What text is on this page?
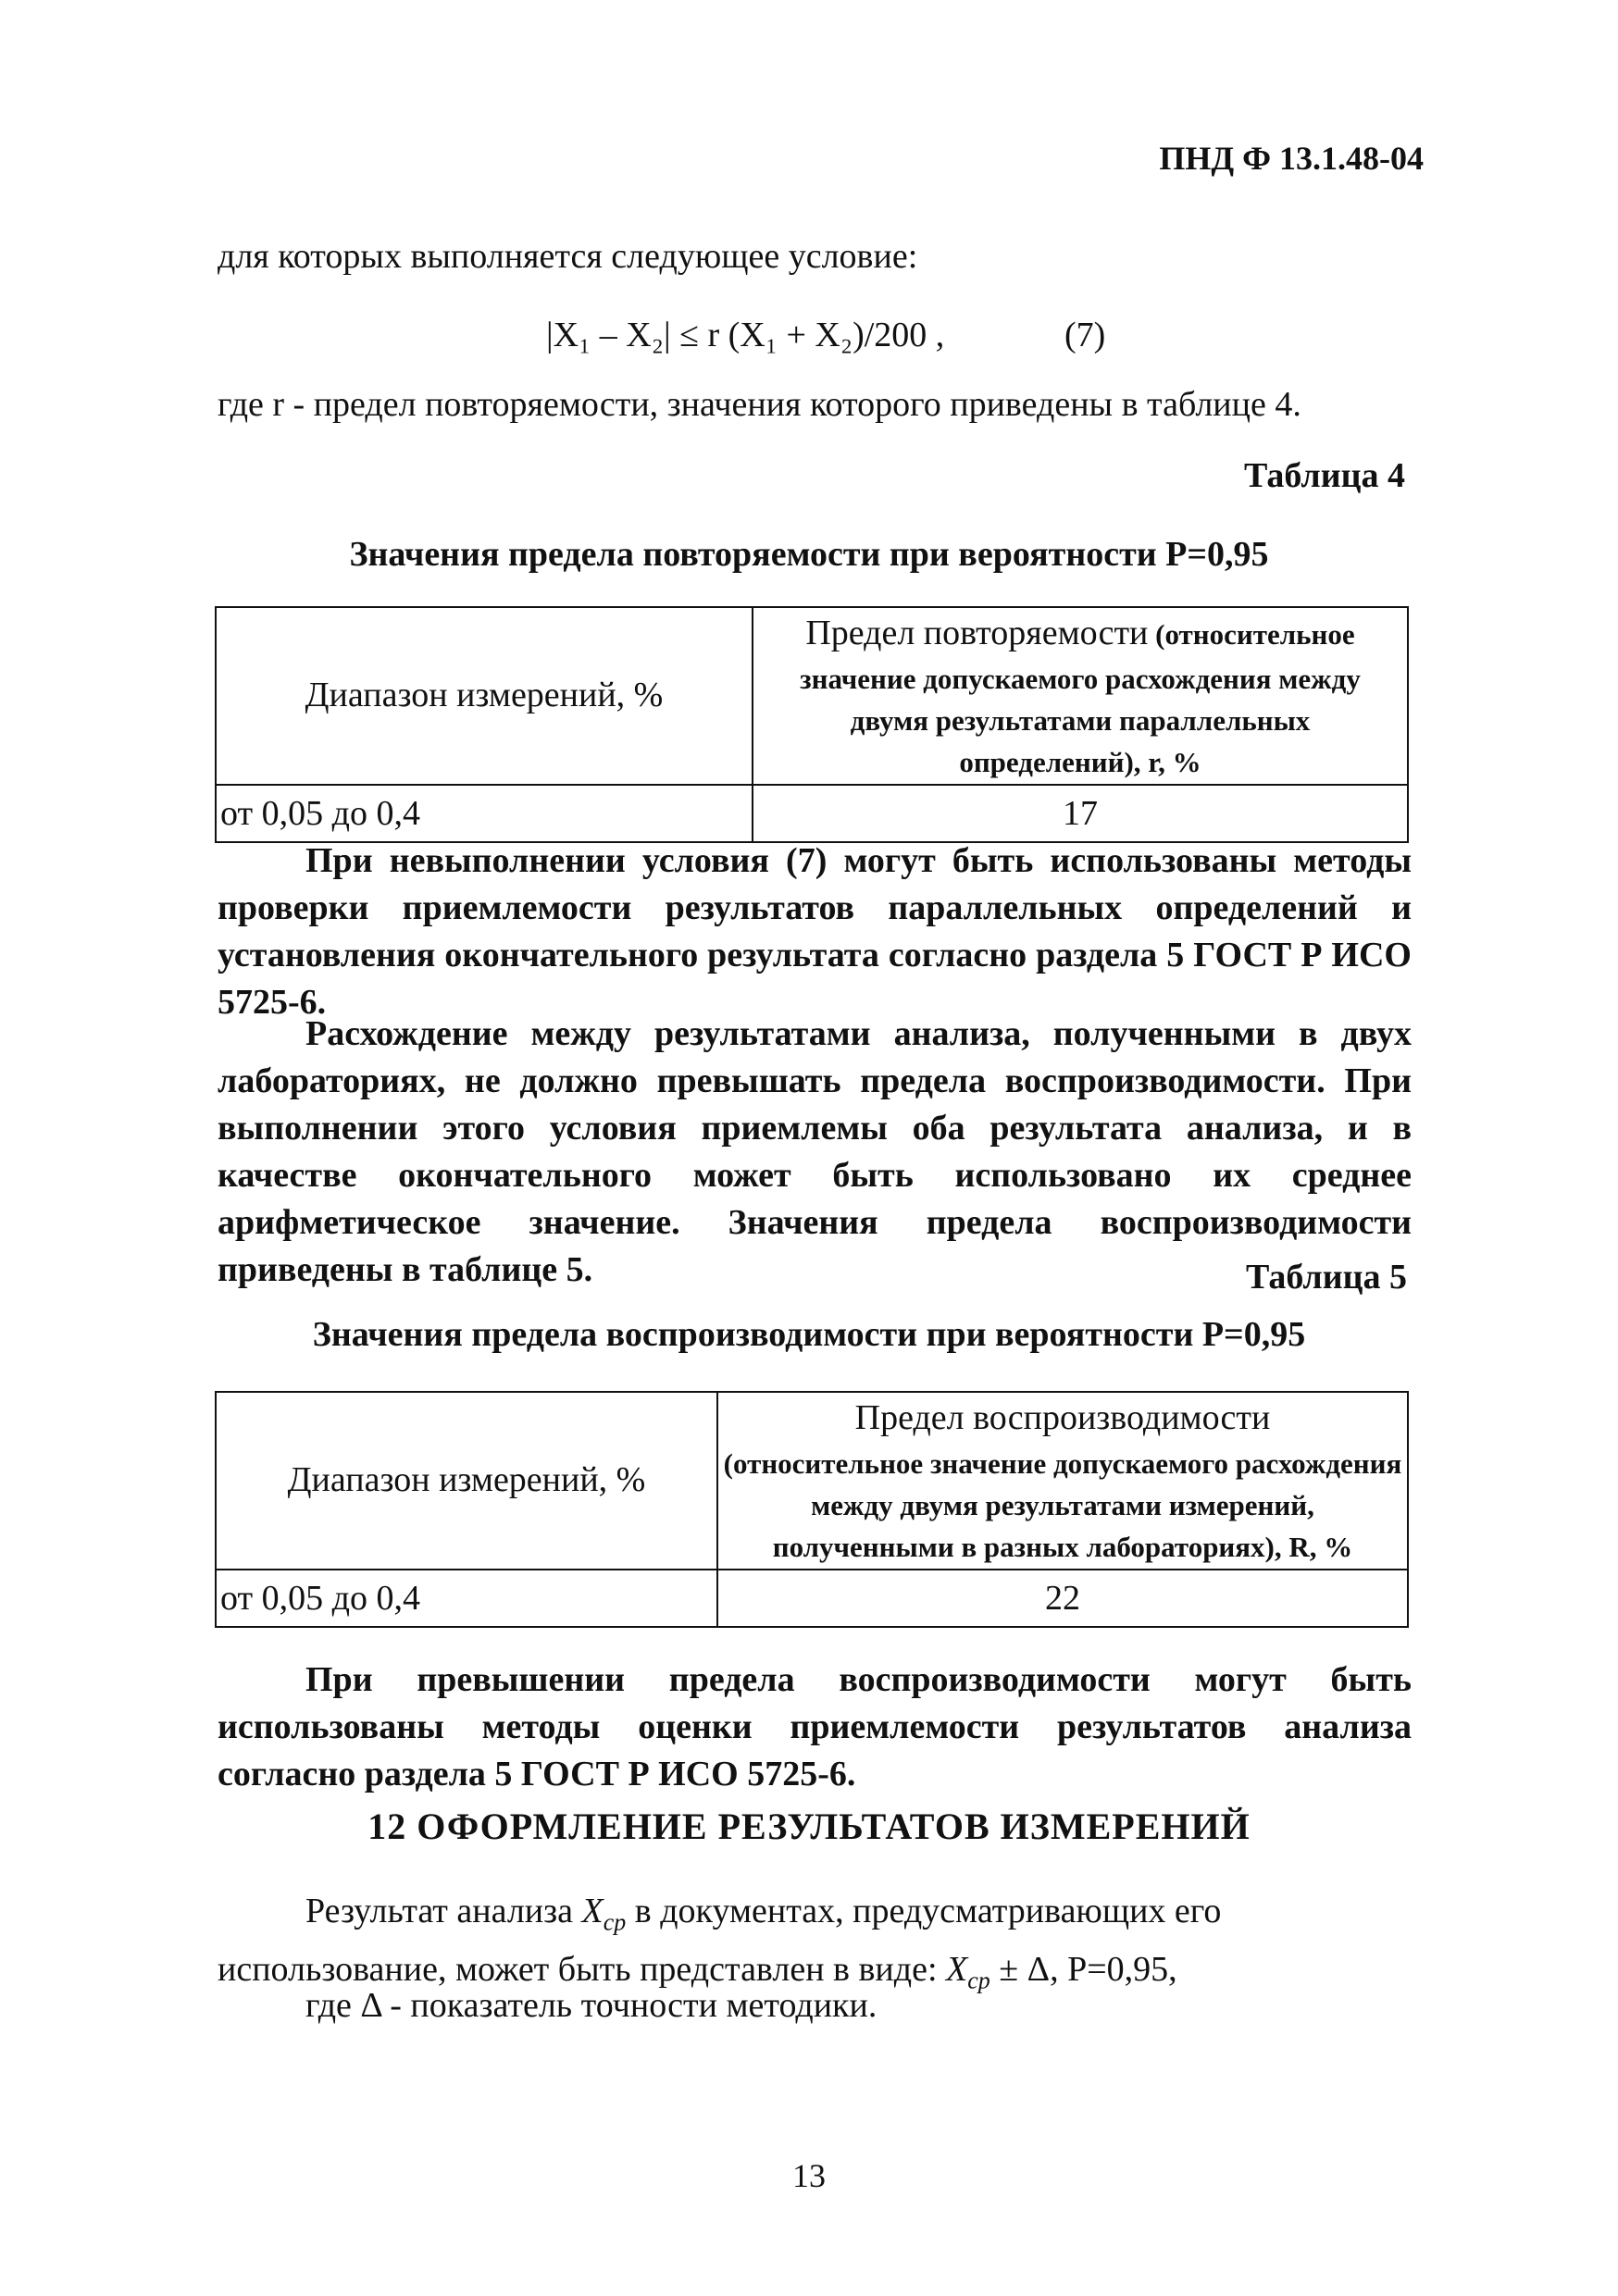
ПНД Ф 13.1.48-04
для которых выполняется следующее условие:
|X₁ – X₂| ≤ r (X₁ + X₂)/200 ,	(7)
где r - предел повторяемости, значения которого приведены в таблице 4.
Таблица 4
Значения предела повторяемости при вероятности P=0,95
Диапазон измерений, %	Предел повторяемости (относительное значение допускаемого расхождения между двумя результатами параллельных определений), r, %
от 0,05 до 0,4	17
При невыполнении условия (7) могут быть использованы методы проверки приемлемости результатов параллельных определений и установления окончательного результата согласно раздела 5 ГОСТ Р ИСО 5725-6.
Расхождение между результатами анализа, полученными в двух лабораториях, не должно превышать предела воспроизводимости. При выполнении этого условия приемлемы оба результата анализа, и в качестве окончательного может быть использовано их среднее арифметическое значение. Значения предела воспроизводимости приведены в таблице 5.	Таблица 5
Значения предела воспроизводимости при вероятности P=0,95
Диапазон измерений, %	Предел воспроизводимости
(относительное значение допускаемого расхождения между двумя результатами измерений, полученными в разных лабораториях), R, %
от 0,05 до 0,4	22
При превышении предела воспроизводимости могут быть использованы методы оценки приемлемости результатов анализа согласно раздела 5 ГОСТ Р ИСО 5725-6.
12 ОФОРМЛЕНИЕ РЕЗУЛЬТАТОВ ИЗМЕРЕНИЙ
Результат анализа $X_{cp}$ в документах, предусматривающих его использование, может быть представлен в виде: $X_{cp} \pm \Delta$, P=0,95,
где Δ - показатель точности методики.
13
